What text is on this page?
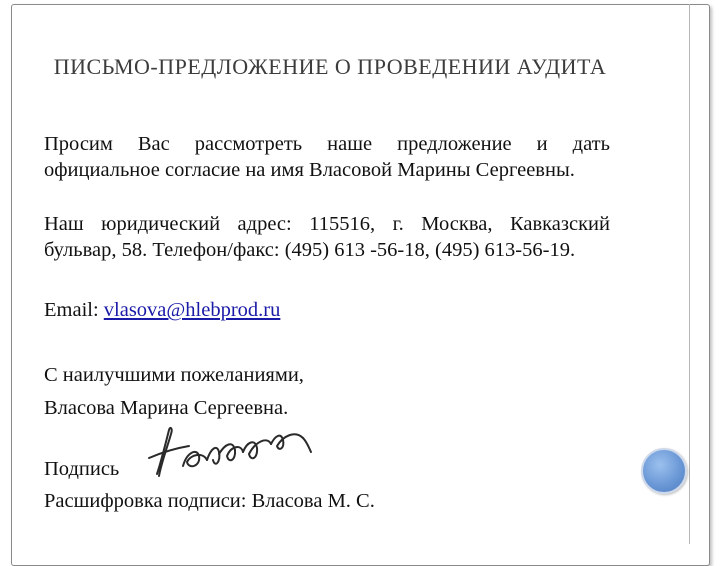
ПИСЬМО-ПРЕДЛОЖЕНИЕ О ПРОВЕДЕНИИ АУДИТА
Просим Вас рассмотреть наше предложение и дать официальное согласие на имя Власовой Марины Сергеевны.
Наш юридический адрес: 115516, г. Москва, Кавказский бульвар, 58. Телефон/факс: (495) 613 -56-18, (495) 613-56-19.
Email: vlasova@hlebprod.ru
С наилучшими пожеланиями,
Власова Марина Сергеевна.
Подпись
Расшифровка подписи: Власова М. С.
